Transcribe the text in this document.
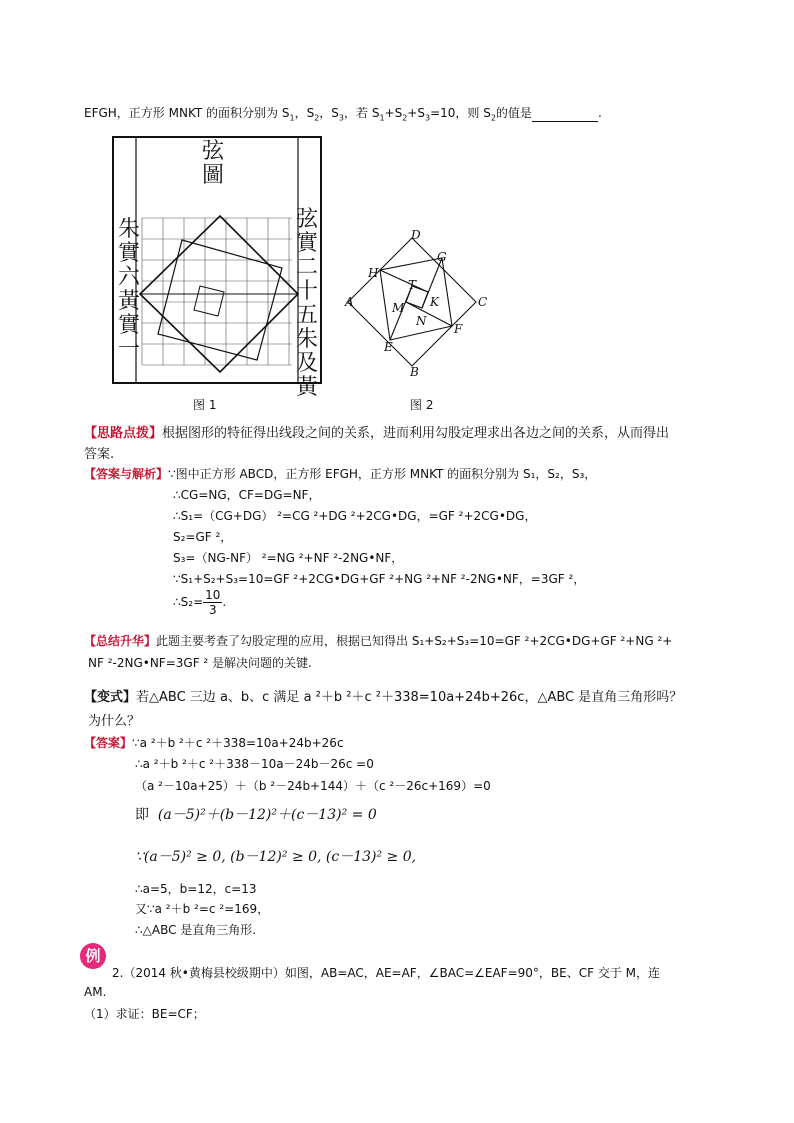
EFGH，正方形 MNKT 的面积分别为 $S_1$，$S_2$，$S_3$，若 $S_1+S_2+S_3=10$，则 $S_2$的值是	.
弦圖
朱實六黃實一
弦實二十五朱及黃
图 1
D
G
H
T
A	K	C
M
N
F
E
B
图 2
【思路点拨】根据图形的特征得出线段之间的关系，进而利用勾股定理求出各边之间的关系，从而得出
答案.
【答案与解析】∵图中正方形 ABCD，正方形 EFGH，正方形 MNKT 的面积分别为 S₁，S₂，S₃，
∴CG=NG，CF=DG=NF，
∴S₁=（CG+DG） ²=CG ²+DG ²+2CG•DG，=GF ²+2CG•DG，
S₂=GF ²，
S₃=（NG-NF） ²=NG ²+NF ²-2NG•NF，
∵S₁+S₂+S₃=10=GF ²+2CG•DG+GF ²+NG ²+NF ²-2NG•NF，=3GF ²，
∴S₂= $\frac{10}{3}$ .
【总结升华】此题主要考查了勾股定理的应用，根据已知得出 S₁+S₂+S₃=10=GF ²+2CG•DG+GF ²+NG ²+
NF ²-2NG•NF=3GF ² 是解决问题的关键.
【变式】若△ABC 三边 a、b、c 满足 a ²＋b ²＋c ²＋338=10a+24b+26c，△ABC 是直角三角形吗？
为什么？
【答案】∵a ²＋b ²＋c ²＋338=10a+24b+26c
∴a ²＋b ²＋c ²＋338－10a－24b－26c =0
（a ²－10a+25）＋（b ²－24b+144）＋（c ²－26c+169）=0
即 (a－5)²＋(b－12)²＋(c－13)² = 0
∵(a－5)² ≥ 0, (b－12)² ≥ 0, (c－13)² ≥ 0,
∴a=5，b=12，c=13
又∵a ²＋b ²=c ²=169，
∴△ABC 是直角三角形.
例
2.（2014 秋•黄梅县校级期中）如图，AB=AC，AE=AF，∠BAC=∠EAF=90°，BE、CF 交于 M，连
AM.
（1）求证：BE=CF；
